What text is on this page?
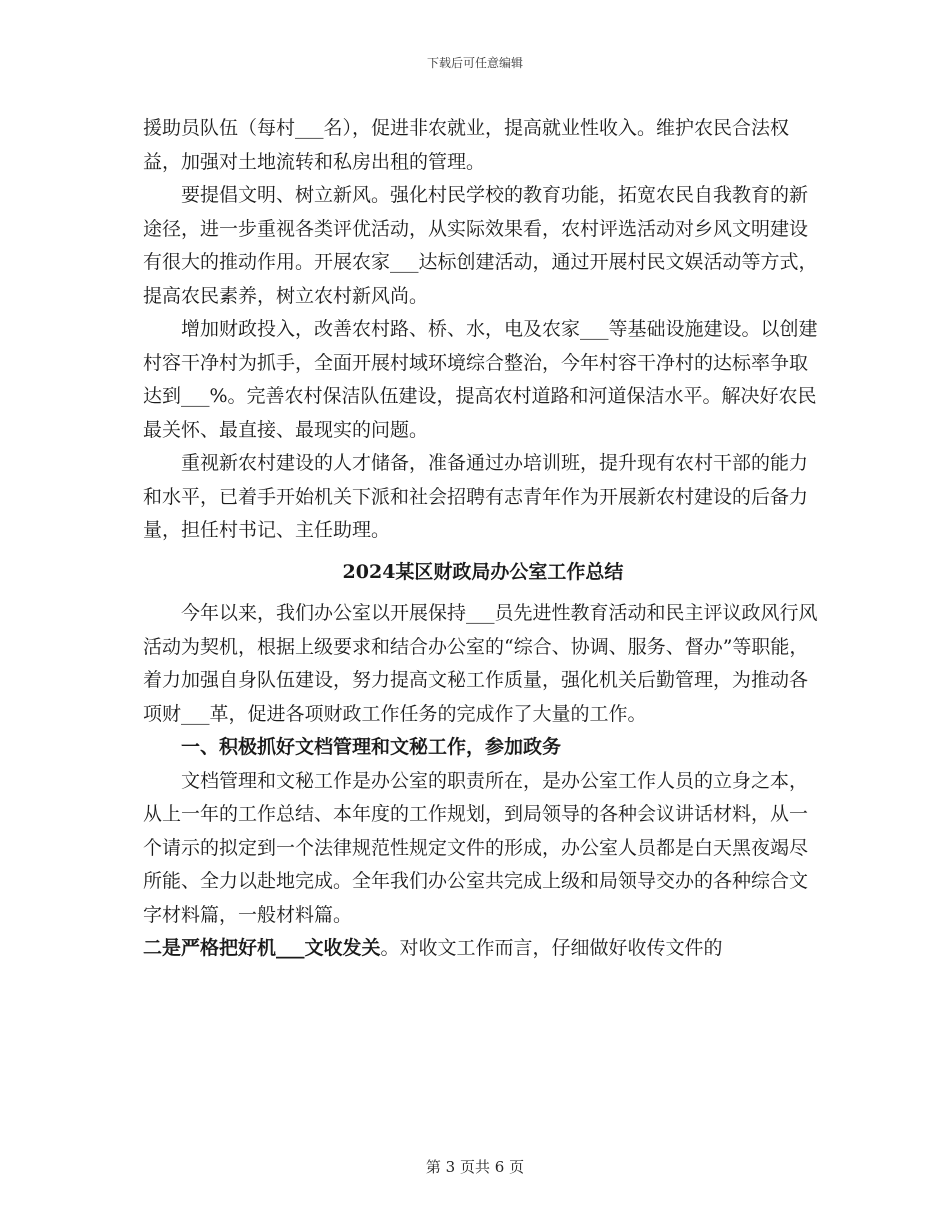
下载后可任意编辑

援助员队伍（每村___名），促进非农就业，提高就业性收入。维护农民合法权益，加强对土地流转和私房出租的管理。

要提倡文明、树立新风。强化村民学校的教育功能，拓宽农民自我教育的新途径，进一步重视各类评优活动，从实际效果看，农村评选活动对乡风文明建设有很大的推动作用。开展农家___达标创建活动，通过开展村民文娱活动等方式，提高农民素养，树立农村新风尚。

增加财政投入，改善农村路、桥、水，电及农家___等基础设施建设。以创建村容干净村为抓手，全面开展村域环境综合整治，今年村容干净村的达标率争取达到___%。完善农村保洁队伍建设，提高农村道路和河道保洁水平。解决好农民最关怀、最直接、最现实的问题。

重视新农村建设的人才储备，准备通过办培训班，提升现有农村干部的能力和水平，已着手开始机关下派和社会招聘有志青年作为开展新农村建设的后备力量，担任村书记、主任助理。

2024某区财政局办公室工作总结

今年以来，我们办公室以开展保持___员先进性教育活动和民主评议政风行风活动为契机，根据上级要求和结合办公室的“综合、协调、服务、督办”等职能，着力加强自身队伍建设，努力提高文秘工作质量，强化机关后勤管理，为推动各项财___革，促进各项财政工作任务的完成作了大量的工作。

一、积极抓好文档管理和文秘工作，参加政务

文档管理和文秘工作是办公室的职责所在，是办公室工作人员的立身之本，从上一年的工作总结、本年度的工作规划，到局领导的各种会议讲话材料，从一个请示的拟定到一个法律规范性规定文件的形成，办公室人员都是白天黑夜竭尽所能、全力以赴地完成。全年我们办公室共完成上级和局领导交办的各种综合文字材料篇，一般材料篇。

二是严格把好机___文收发关。对收文工作而言，仔细做好收传文件的

第 3 页共 6 页
